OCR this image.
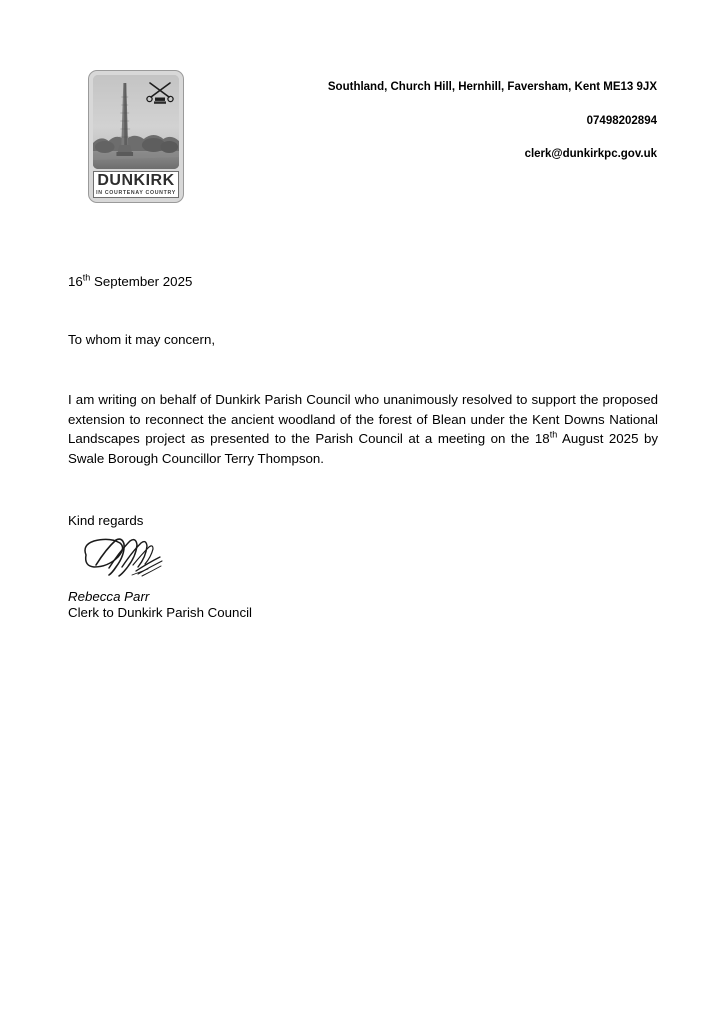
DUNKIRK
IN COURTENAY COUNTRY
Southland, Church Hill, Hernhill, Faversham, Kent ME13 9JX
07498202894
clerk@dunkirkpc.gov.uk

16th September 2025

To whom it may concern,

I am writing on behalf of Dunkirk Parish Council who unanimously resolved to support the proposed extension to reconnect the ancient woodland of the forest of Blean under the Kent Downs National Landscapes project as presented to the Parish Council at a meeting on the 18th August 2025 by Swale Borough Councillor Terry Thompson.

Kind regards

Rebecca Parr

Clerk to Dunkirk Parish Council
